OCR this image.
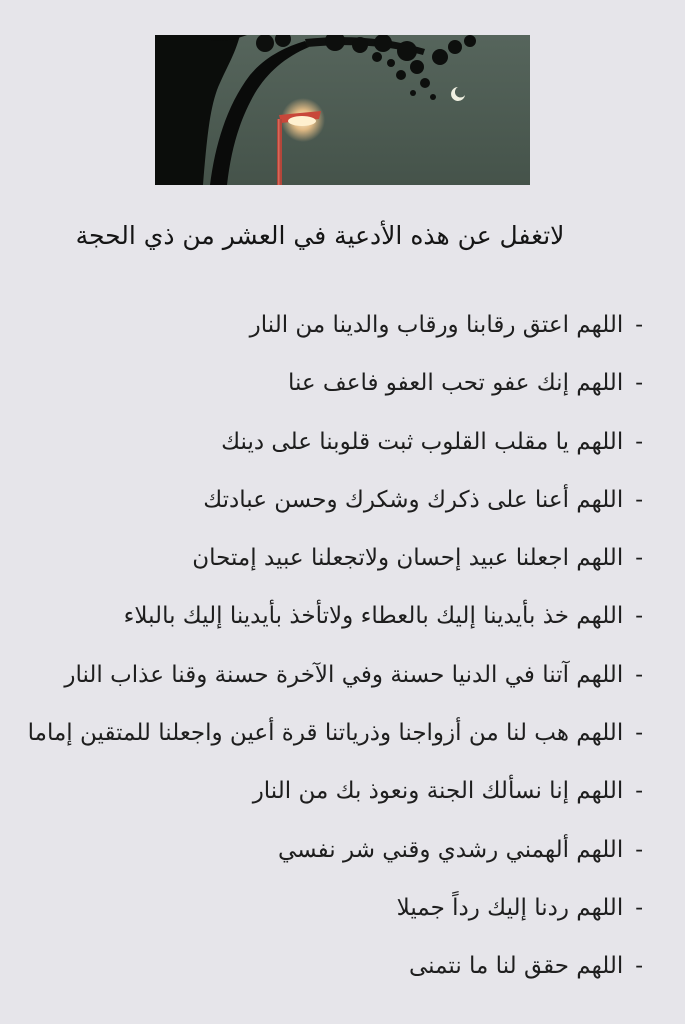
لاتغفل عن هذه الأدعية في العشر من ذي الحجة
-اللهم اعتق رقابنا ورقاب والدينا من النار
-اللهم إنك عفو تحب العفو فاعف عنا
-اللهم يا مقلب القلوب ثبت قلوبنا على دينك
-اللهم أعنا على ذكرك وشكرك وحسن عبادتك
-اللهم اجعلنا عبيد إحسان ولاتجعلنا عبيد إمتحان
-اللهم خذ بأيدينا إليك بالعطاء ولاتأخذ بأيدينا إليك بالبلاء
-اللهم آتنا في الدنيا حسنة وفي الآخرة حسنة وقنا عذاب النار
-اللهم هب لنا من أزواجنا وذرياتنا قرة أعين واجعلنا للمتقين إماما
-اللهم إنا نسألك الجنة ونعوذ بك من النار
-اللهم ألهمني رشدي وقني شر نفسي
-اللهم ردنا إليك رداً جميلا
-اللهم حقق لنا ما نتمنى
